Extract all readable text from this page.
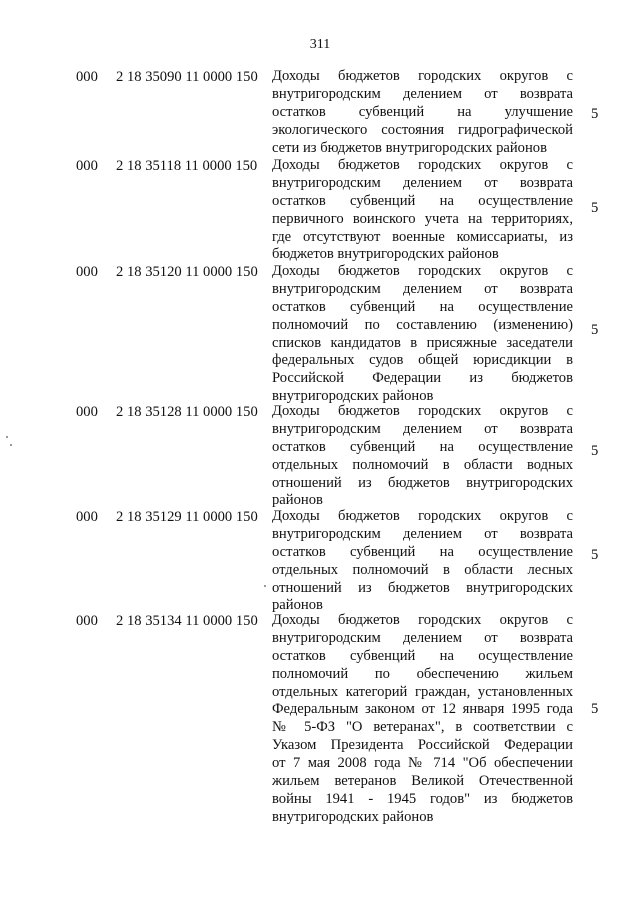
311
000 2 18 35090 11 0000 150 Доходы бюджетов городских округов с
внутригородским делением от возврата
остатков субвенций на улучшение
экологического состояния гидрографической
сети из бюджетов внутригородских районов
5
000 2 18 35118 11 0000 150 Доходы бюджетов городских округов с
внутригородским делением от возврата
остатков субвенций на осуществление
первичного воинского учета на территориях,
где отсутствуют военные комиссариаты, из
бюджетов внутригородских районов
5
000 2 18 35120 11 0000 150 Доходы бюджетов городских округов с
внутригородским делением от возврата
остатков субвенций на осуществление
полномочий по составлению (изменению)
списков кандидатов в присяжные заседатели
федеральных судов общей юрисдикции в
Российской Федерации из бюджетов
внутригородских районов
5
000 2 18 35128 11 0000 150 Доходы бюджетов городских округов с
внутригородским делением от возврата
остатков субвенций на осуществление
отдельных полномочий в области водных
отношений из бюджетов внутригородских
районов
5
000 2 18 35129 11 0000 150 Доходы бюджетов городских округов с
внутригородским делением от возврата
остатков субвенций на осуществление
отдельных полномочий в области лесных
отношений из бюджетов внутригородских
районов
5
000 2 18 35134 11 0000 150 Доходы бюджетов городских округов с
внутригородским делением от возврата
остатков субвенций на осуществление
полномочий по обеспечению жильем
отдельных категорий граждан, установленных
Федеральным законом от 12 января 1995 года
№ 5-ФЗ "О ветеранах", в соответствии с
Указом Президента Российской Федерации
от 7 мая 2008 года № 714 "Об обеспечении
жильем ветеранов Великой Отечественной
войны 1941 - 1945 годов" из бюджетов
внутригородских районов
5
